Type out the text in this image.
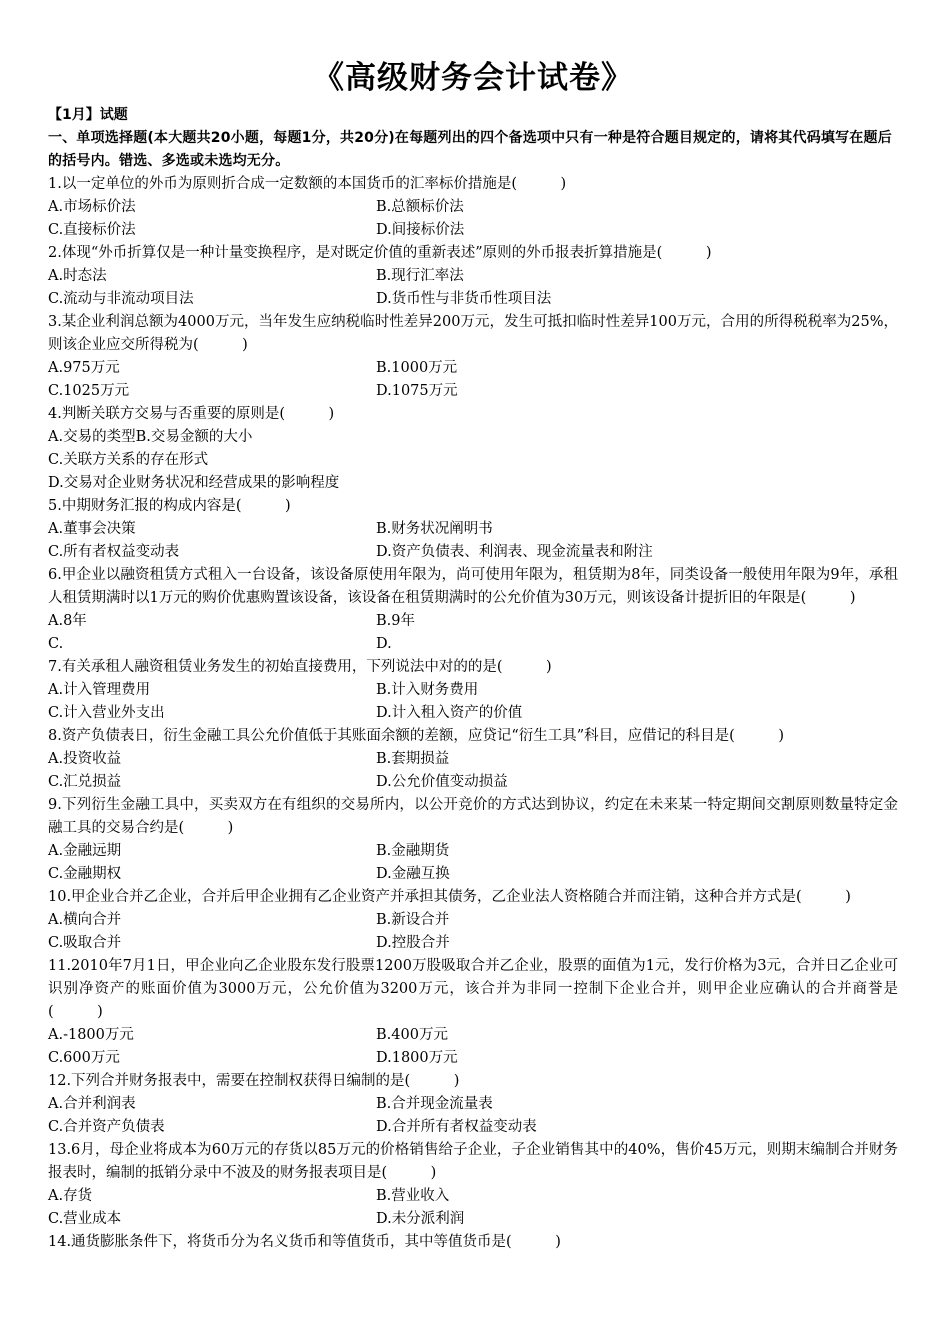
《高级财务会计试卷》
【1月】试题
一、单项选择题(本大题共20小题，每题1分，共20分)在每题列出的四个备选项中只有一种是符合题目规定的，请将其代码填写在题后的括号内。错选、多选或未选均无分。
1.以一定单位的外币为原则折合成一定数额的本国货币的汇率标价措施是(　　　)
A.市场标价法	B.总额标价法
C.直接标价法	D.间接标价法
2.体现“外币折算仅是一种计量变换程序，是对既定价值的重新表述”原则的外币报表折算措施是(　　　)
A.时态法	B.现行汇率法
C.流动与非流动项目法	D.货币性与非货币性项目法
3.某企业利润总额为4000万元，当年发生应纳税临时性差异200万元，发生可抵扣临时性差异100万元，合用的所得税税率为25%，则该企业应交所得税为(　　　)
A.975万元	B.1000万元
C.1025万元	D.1075万元
4.判断关联方交易与否重要的原则是(　　　)
A.交易的类型B.交易金额的大小
C.关联方关系的存在形式
D.交易对企业财务状况和经营成果的影响程度
5.中期财务汇报的构成内容是(　　　)
A.董事会决策	B.财务状况阐明书
C.所有者权益变动表	D.资产负债表、利润表、现金流量表和附注
6.甲企业以融资租赁方式租入一台设备，该设备原使用年限为，尚可使用年限为，租赁期为8年，同类设备一般使用年限为9年，承租人租赁期满时以1万元的购价优惠购置该设备，该设备在租赁期满时的公允价值为30万元，则该设备计提折旧的年限是(　　　)
A.8年	B.9年
C.	D.
7.有关承租人融资租赁业务发生的初始直接费用，下列说法中对的的是(　　　)
A.计入管理费用	B.计入财务费用
C.计入营业外支出	D.计入租入资产的价值
8.资产负债表日，衍生金融工具公允价值低于其账面余额的差额，应贷记“衍生工具”科目，应借记的科目是(　　　)
A.投资收益	B.套期损益
C.汇兑损益	D.公允价值变动损益
9.下列衍生金融工具中，买卖双方在有组织的交易所内，以公开竞价的方式达到协议，约定在未来某一特定期间交割原则数量特定金融工具的交易合约是(　　　)
A.金融远期	B.金融期货
C.金融期权	D.金融互换
10.甲企业合并乙企业，合并后甲企业拥有乙企业资产并承担其债务，乙企业法人资格随合并而注销，这种合并方式是(　　　)
A.横向合并	B.新设合并
C.吸取合并	D.控股合并
11.2010年7月1日，甲企业向乙企业股东发行股票1200万股吸取合并乙企业，股票的面值为1元，发行价格为3元，合并日乙企业可识别净资产的账面价值为3000万元，公允价值为3200万元，该合并为非同一控制下企业合并，则甲企业应确认的合并商誉是(　　　)
A.-1800万元	B.400万元
C.600万元	D.1800万元
12.下列合并财务报表中，需要在控制权获得日编制的是(　　　)
A.合并利润表	B.合并现金流量表
C.合并资产负债表	D.合并所有者权益变动表
13.6月，母企业将成本为60万元的存货以85万元的价格销售给子企业，子企业销售其中的40%，售价45万元，则期末编制合并财务报表时，编制的抵销分录中不波及的财务报表项目是(　　　)
A.存货	B.营业收入
C.营业成本	D.未分派利润
14.通货膨胀条件下，将货币分为名义货币和等值货币，其中等值货币是(　　　)
